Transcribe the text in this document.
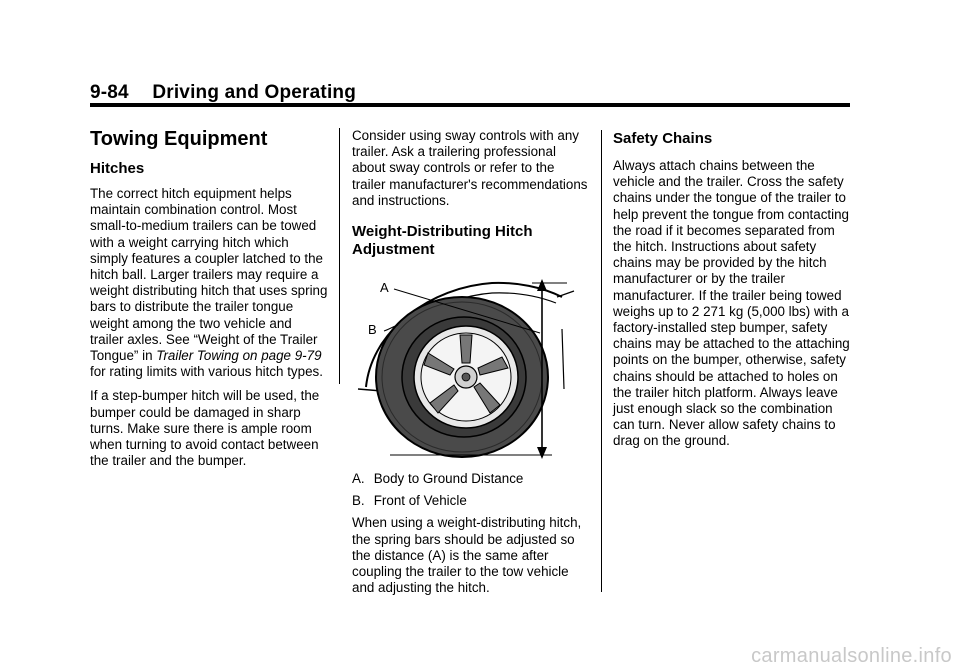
9-84 Driving and Operating
Towing Equipment
Hitches

The correct hitch equipment helps maintain combination control. Most small-to-medium trailers can be towed with a weight carrying hitch which simply features a coupler latched to the hitch ball. Larger trailers may require a weight distributing hitch that uses spring bars to distribute the trailer tongue weight among the two vehicle and trailer axles. See “Weight of the Trailer Tongue” in Trailer Towing on page 9-79 for rating limits with various hitch types.

If a step-bumper hitch will be used, the bumper could be damaged in sharp turns. Make sure there is ample room when turning to avoid contact between the trailer and the bumper.

Consider using sway controls with any trailer. Ask a trailering professional about sway controls or refer to the trailer manufacturer's recommendations and instructions.

Weight-Distributing Hitch Adjustment
A
B

A. Body to Ground Distance

B. Front of Vehicle

When using a weight-distributing hitch, the spring bars should be adjusted so the distance (A) is the same after coupling the trailer to the tow vehicle and adjusting the hitch.

Safety Chains

Always attach chains between the vehicle and the trailer. Cross the safety chains under the tongue of the trailer to help prevent the tongue from contacting the road if it becomes separated from the hitch. Instructions about safety chains may be provided by the hitch manufacturer or by the trailer manufacturer. If the trailer being towed weighs up to 2 271 kg (5,000 lbs) with a factory-installed step bumper, safety chains may be attached to the attaching points on the bumper, otherwise, safety chains should be attached to holes on the trailer hitch platform. Always leave just enough slack so the combination can turn. Never allow safety chains to drag on the ground.

carmanualsonline.info
